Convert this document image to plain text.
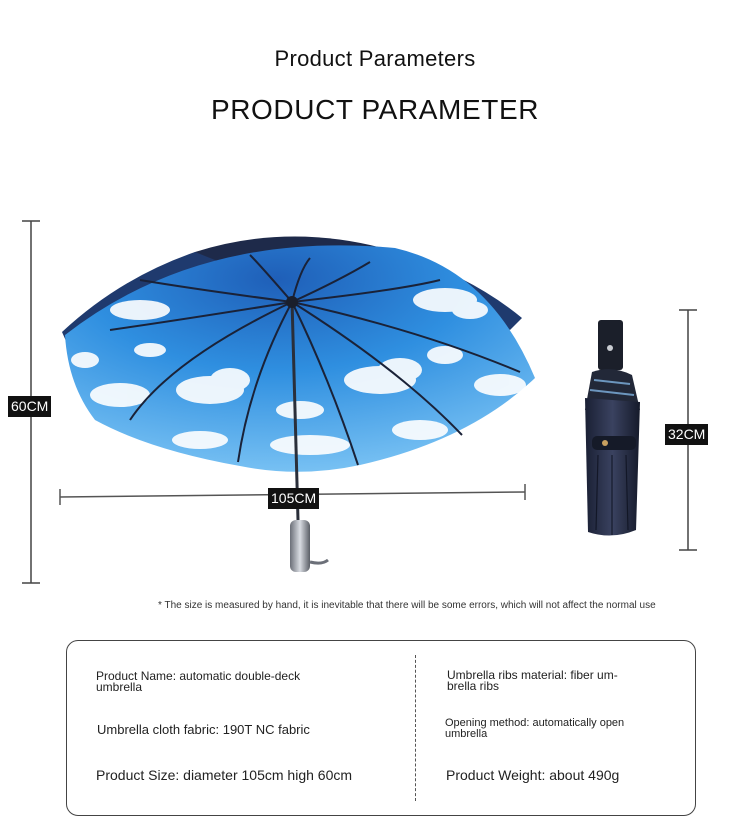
Product Parameters
PRODUCT PARAMETER
60CM
105CM
32CM
* The size is measured by hand, it is inevitable that there will be some errors, which will not affect the normal use
Product Name: automatic double-deck umbrella
Umbrella ribs material: fiber um-brella ribs
Umbrella cloth fabric: 190T NC fabric	Opening method: automatically open umbrella
Product Size: diameter 105cm high 60cm	Product Weight: about 490g
